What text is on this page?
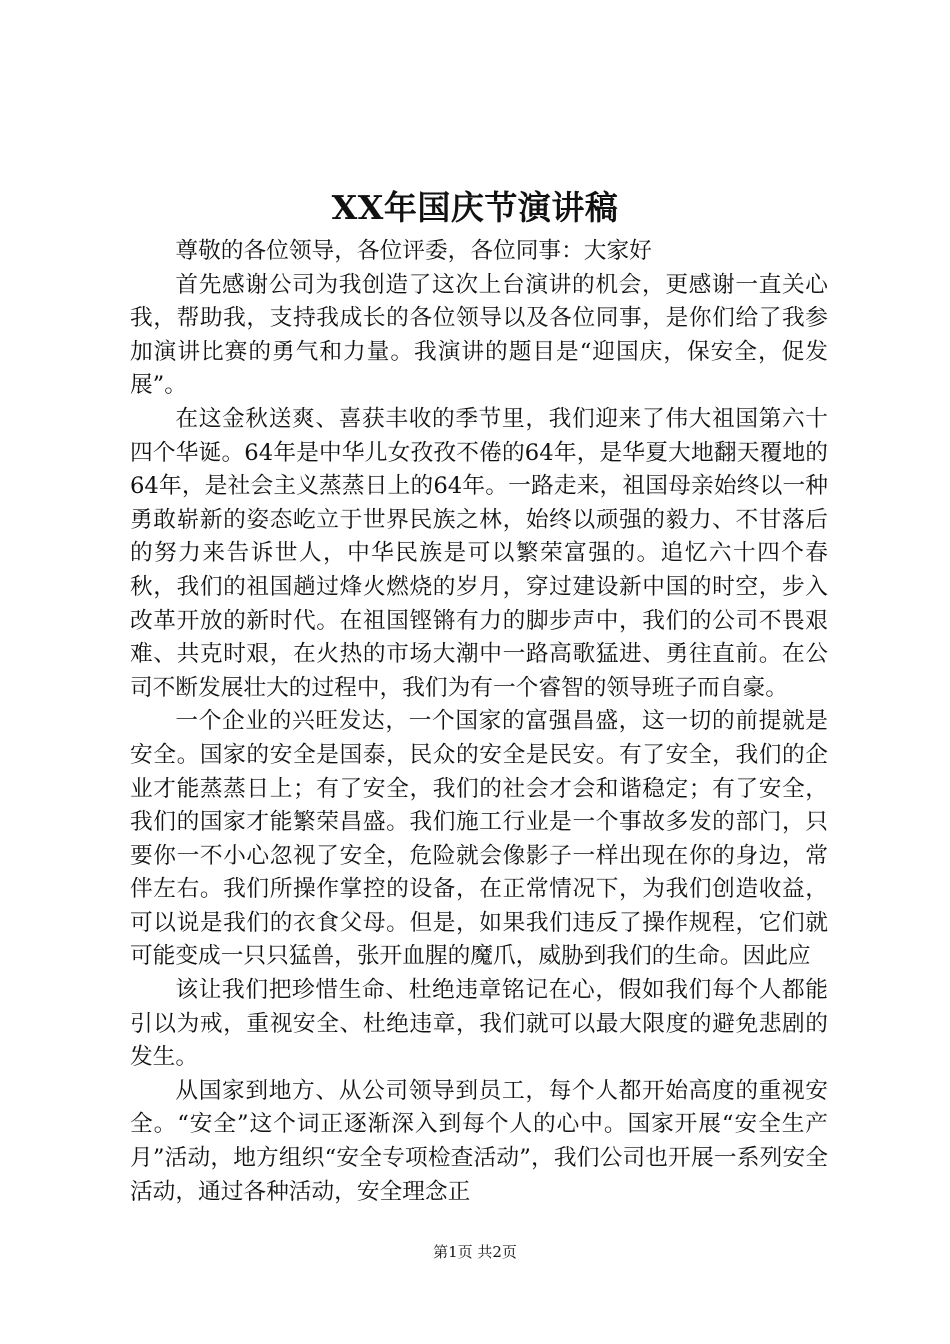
XX年国庆节演讲稿

尊敬的各位领导，各位评委，各位同事：大家好

首先感谢公司为我创造了这次上台演讲的机会，更感谢一直关心我，帮助我，支持我成长的各位领导以及各位同事，是你们给了我参加演讲比赛的勇气和力量。我演讲的题目是“迎国庆，保安全，促发展”。

在这金秋送爽、喜获丰收的季节里，我们迎来了伟大祖国第六十四个华诞。64年是中华儿女孜孜不倦的64年，是华夏大地翻天覆地的64年，是社会主义蒸蒸日上的64年。一路走来，祖国母亲始终以一种勇敢崭新的姿态屹立于世界民族之林，始终以顽强的毅力、不甘落后的努力来告诉世人，中华民族是可以繁荣富强的。追忆六十四个春秋，我们的祖国趟过烽火燃烧的岁月，穿过建设新中国的时空，步入改革开放的新时代。在祖国铿锵有力的脚步声中，我们的公司不畏艰难、共克时艰，在火热的市场大潮中一路高歌猛进、勇往直前。在公司不断发展壮大的过程中，我们为有一个睿智的领导班子而自豪。

一个企业的兴旺发达，一个国家的富强昌盛，这一切的前提就是安全。国家的安全是国泰，民众的安全是民安。有了安全，我们的企业才能蒸蒸日上；有了安全，我们的社会才会和谐稳定；有了安全，我们的国家才能繁荣昌盛。我们施工行业是一个事故多发的部门，只要你一不小心忽视了安全，危险就会像影子一样出现在你的身边，常伴左右。我们所操作掌控的设备，在正常情况下，为我们创造收益，可以说是我们的衣食父母。但是，如果我们违反了操作规程，它们就可能变成一只只猛兽，张开血腥的魔爪，威胁到我们的生命。因此应

该让我们把珍惜生命、杜绝违章铭记在心，假如我们每个人都能引以为戒，重视安全、杜绝违章，我们就可以最大限度的避免悲剧的发生。

从国家到地方、从公司领导到员工，每个人都开始高度的重视安全。“安全”这个词正逐渐深入到每个人的心中。国家开展“安全生产月”活动，地方组织“安全专项检查活动”，我们公司也开展一系列安全活动，通过各种活动，安全理念正

第1页 共2页
